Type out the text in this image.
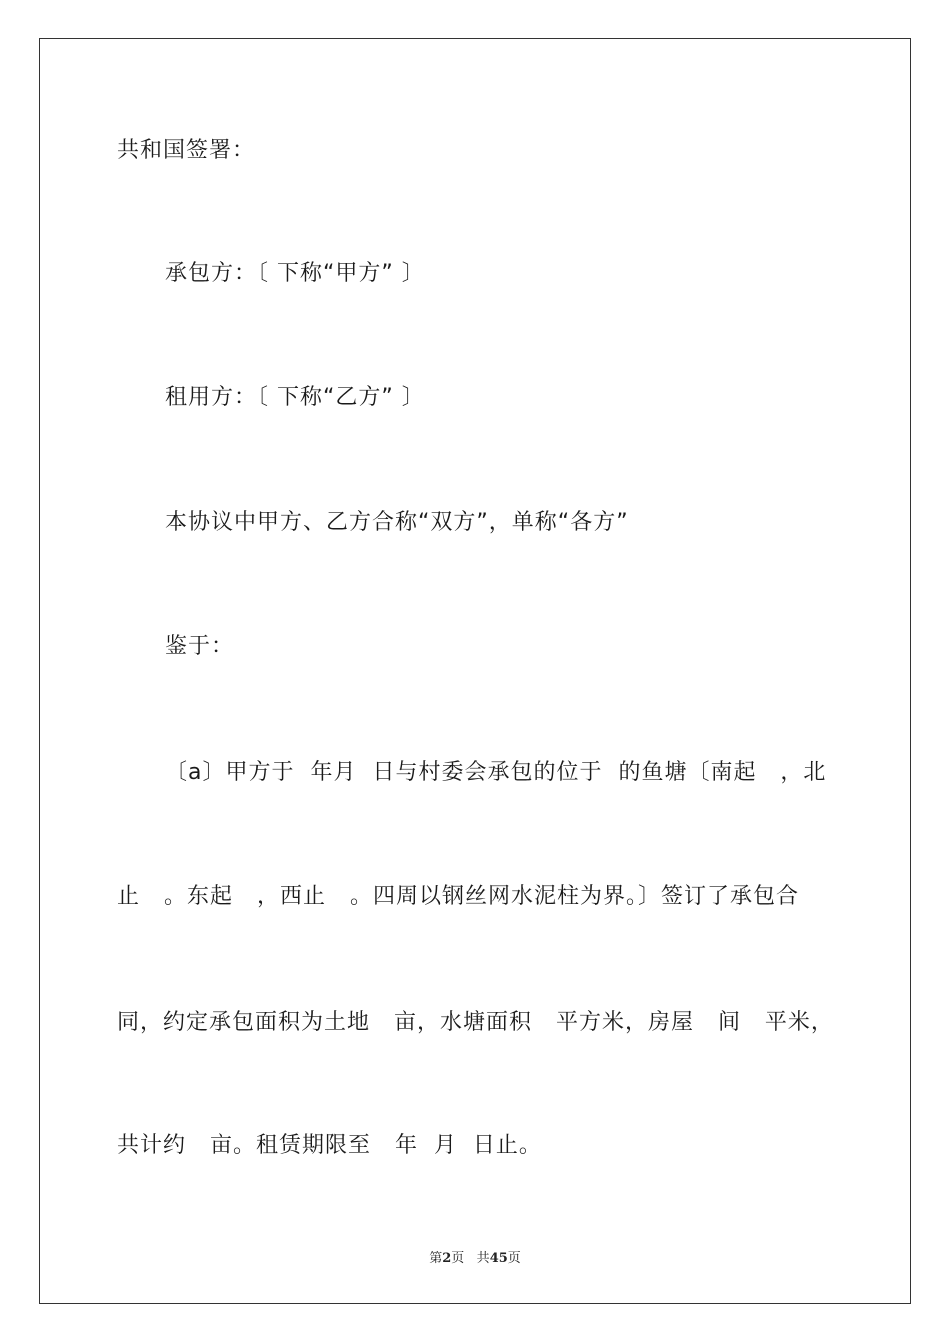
共和国签署：
承包方：〔 下称“甲方” 〕
租用方：〔 下称“乙方” 〕
本协议中甲方、乙方合称“双方”，单称“各方”
鉴于：
〔a〕甲方于  年月  日与村委会承包的位于  的鱼塘〔南起   ，北
止   。东起   ，西止   。四周以钢丝网水泥柱为界。〕签订了承包合
同，约定承包面积为土地   亩，水塘面积   平方米，房屋   间   平米，
共计约   亩。租赁期限至   年  月  日止。
第2页 共45页
